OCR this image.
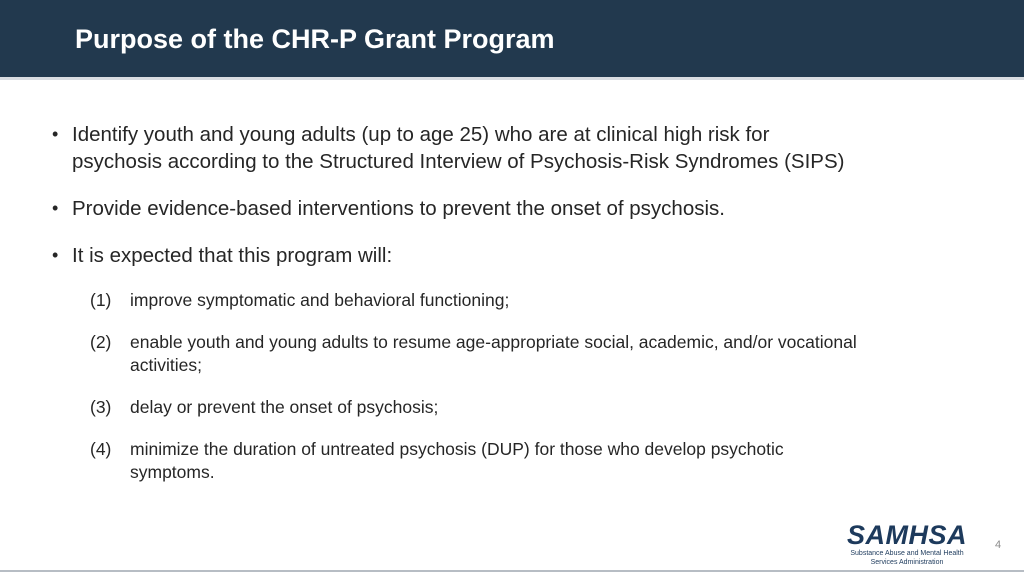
Purpose of the CHR-P Grant Program
• Identify youth and young adults (up to age 25) who are at clinical high risk for
psychosis according to the Structured Interview of Psychosis-Risk Syndromes (SIPS)
• Provide evidence-based interventions to prevent the onset of psychosis.
• It is expected that this program will:
(1) improve symptomatic and behavioral functioning;
(2) enable youth and young adults to resume age-appropriate social, academic, and/or vocational
activities;
(3) delay or prevent the onset of psychosis;
(4) minimize the duration of untreated psychosis (DUP) for those who develop psychotic
symptoms.
SAMHSA
Substance Abuse and Mental Health
Services Administration
4
